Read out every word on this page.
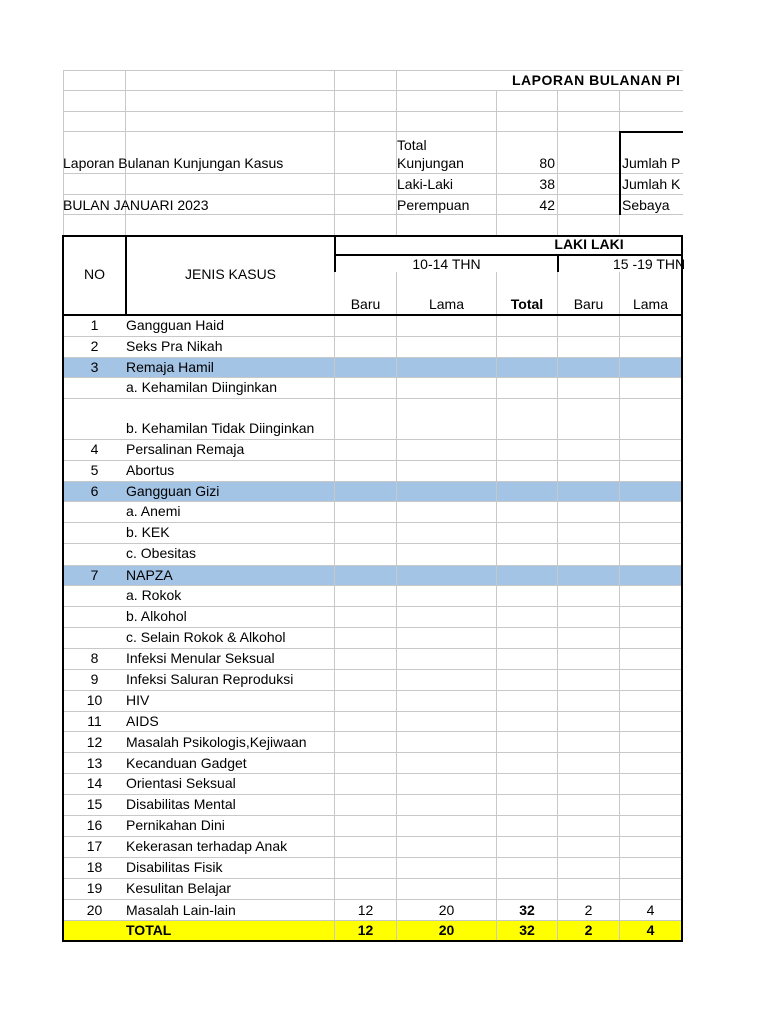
LAPORAN BULANAN PI
Laporan Bulanan Kunjungan Kasus
BULAN JANUARI 2023
Total
Kunjungan	80
Laki-Laki	38
Perempuan	42
Jumlah P
Jumlah K
Sebaya
NO	JENIS KASUS
LAKI LAKI
10-14 THN	15 -19 THN
Baru	Lama	Total	Baru	Lama
1	Gangguan Haid
2	Seks Pra Nikah
3	Remaja Hamil
a. Kehamilan Diinginkan
b. Kehamilan Tidak Diinginkan
4	Persalinan Remaja
5	Abortus
6	Gangguan Gizi
a. Anemi
b. KEK
c. Obesitas
7	NAPZA
a. Rokok
b. Alkohol
c. Selain Rokok & Alkohol
8	Infeksi Menular Seksual
9	Infeksi Saluran Reproduksi
10	HIV
11	AIDS
12	Masalah Psikologis,Kejiwaan
13	Kecanduan Gadget
14	Orientasi Seksual
15	Disabilitas Mental
16	Pernikahan Dini
17	Kekerasan terhadap Anak
18	Disabilitas Fisik
19	Kesulitan Belajar
20	Masalah Lain-lain	12	20	32	2	4
TOTAL	12	20	32	2	4
